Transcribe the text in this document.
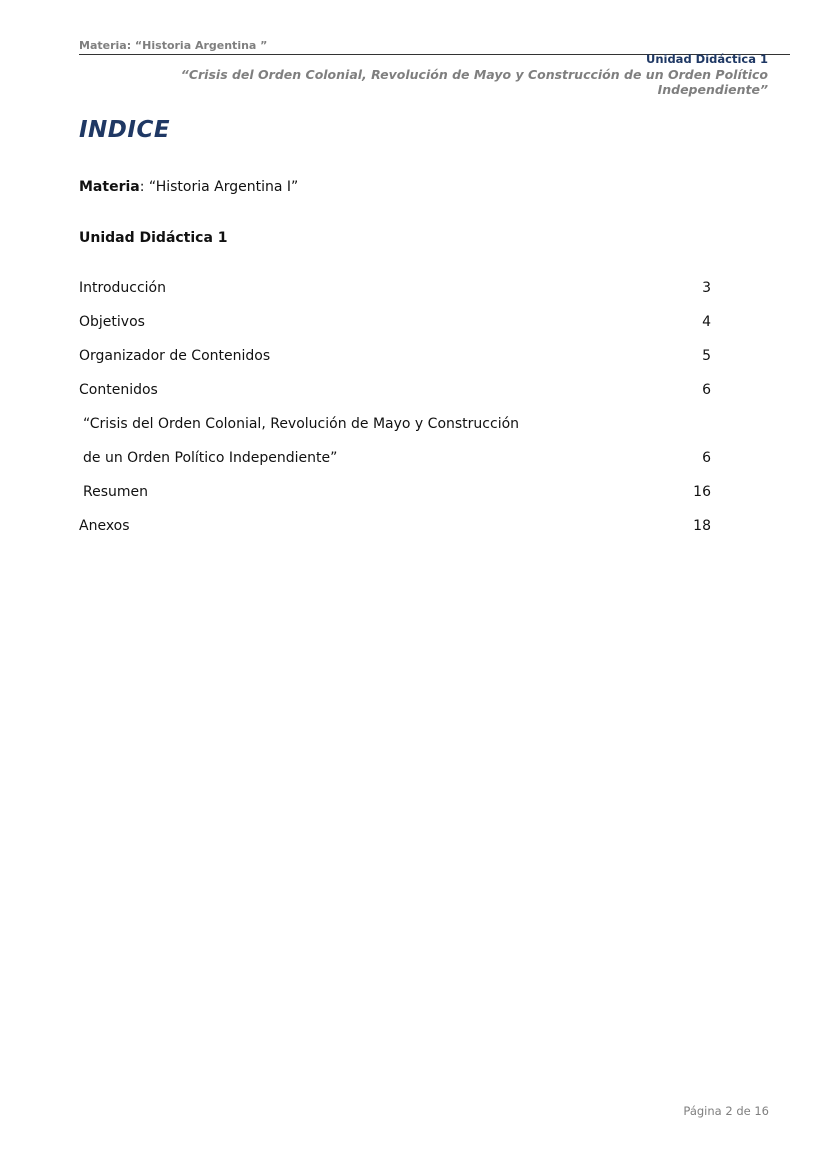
Materia: “Historia Argentina ”
Unidad Didáctica 1
“Crisis del Orden Colonial, Revolución de Mayo y Construcción de un Orden Político
Independiente”
INDICE
Materia: “Historia Argentina I”
Unidad Didáctica 1
Introducción	3
Objetivos	4
Organizador de Contenidos	5
Contenidos	6
“Crisis del Orden Colonial, Revolución de Mayo y Construcción
de un Orden Político Independiente”	6
Resumen	16
Anexos	18
Página 2 de 16
